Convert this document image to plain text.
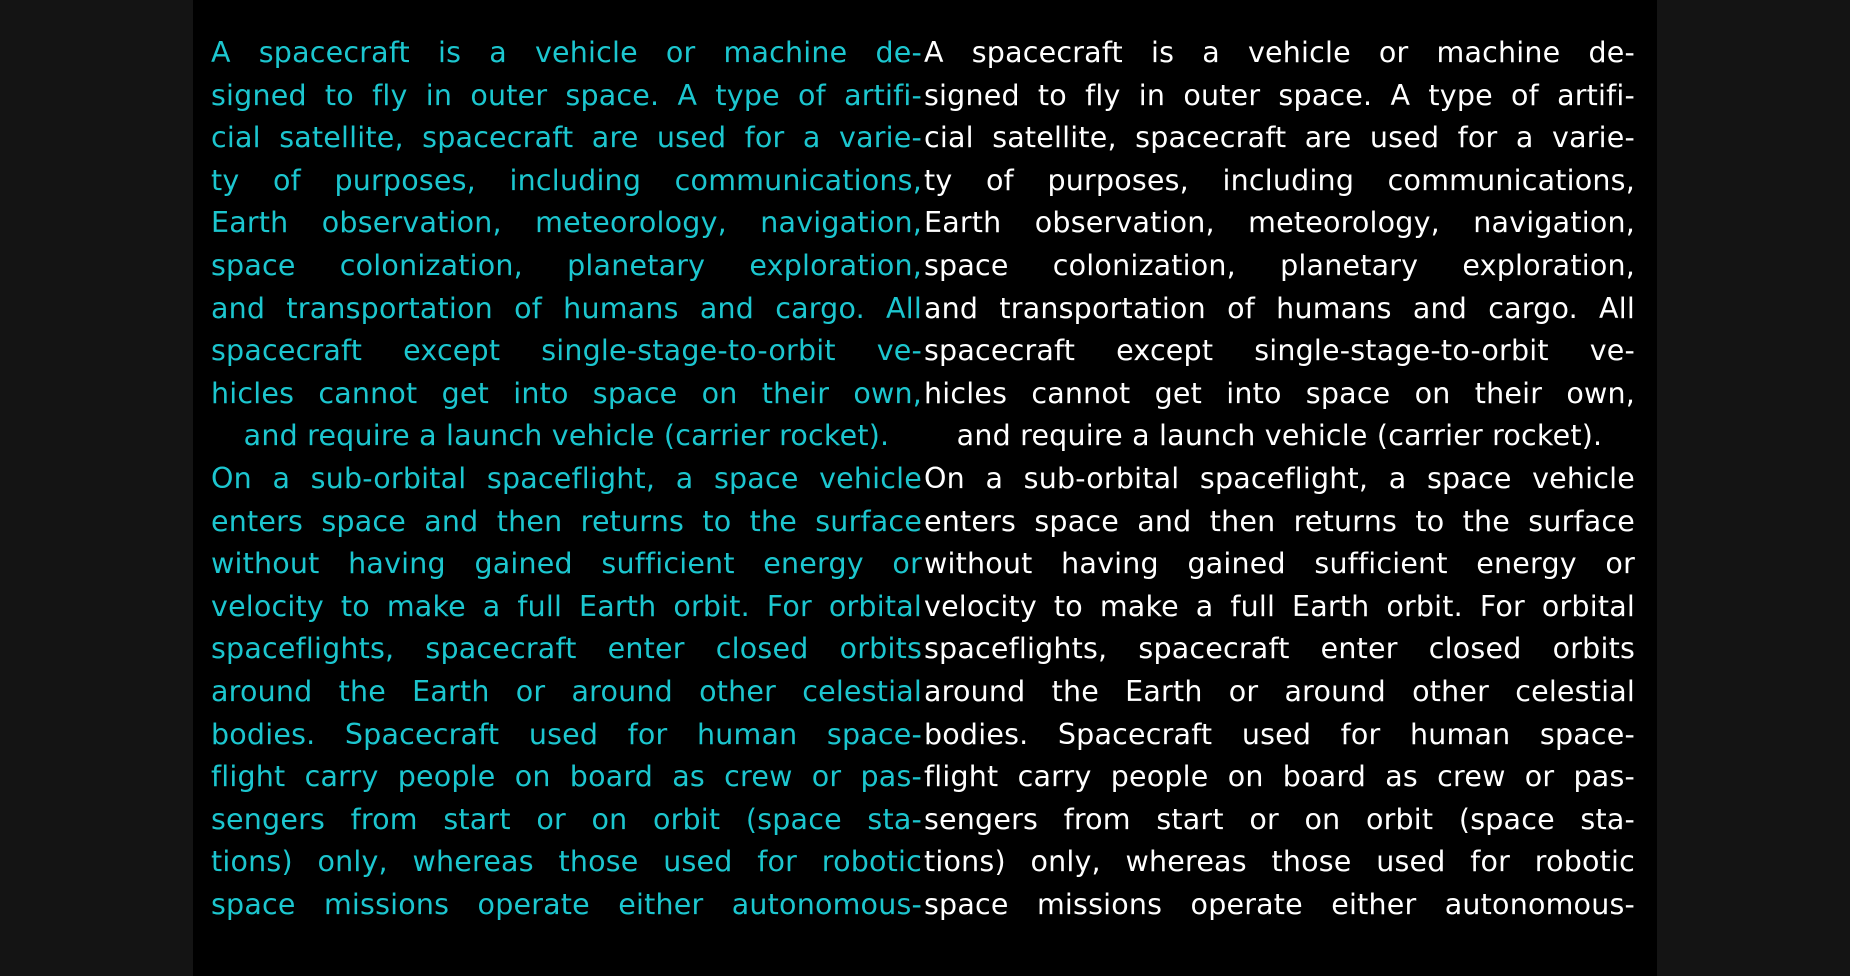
A spacecraft is a vehicle or machine de-
signed to fly in outer space. A type of artifi-
cial satellite, spacecraft are used for a varie-
ty of purposes, including communications,
Earth observation, meteorology, navigation,
space colonization, planetary exploration,
and transportation of humans and cargo. All
spacecraft except single-stage-to-orbit ve-
hicles cannot get into space on their own,
and require a launch vehicle (carrier rocket).
On a sub-orbital spaceflight, a space vehicle
enters space and then returns to the surface
without having gained sufficient energy or
velocity to make a full Earth orbit. For orbital
spaceflights, spacecraft enter closed orbits
around the Earth or around other celestial
bodies. Spacecraft used for human space-
flight carry people on board as crew or pas-
sengers from start or on orbit (space sta-
tions) only, whereas those used for robotic
space missions operate either autonomous-
A spacecraft is a vehicle or machine de-
signed to fly in outer space. A type of artifi-
cial satellite, spacecraft are used for a varie-
ty of purposes, including communications,
Earth observation, meteorology, navigation,
space colonization, planetary exploration,
and transportation of humans and cargo. All
spacecraft except single-stage-to-orbit ve-
hicles cannot get into space on their own,
and require a launch vehicle (carrier rocket).
On a sub-orbital spaceflight, a space vehicle
enters space and then returns to the surface
without having gained sufficient energy or
velocity to make a full Earth orbit. For orbital
spaceflights, spacecraft enter closed orbits
around the Earth or around other celestial
bodies. Spacecraft used for human space-
flight carry people on board as crew or pas-
sengers from start or on orbit (space sta-
tions) only, whereas those used for robotic
space missions operate either autonomous-
